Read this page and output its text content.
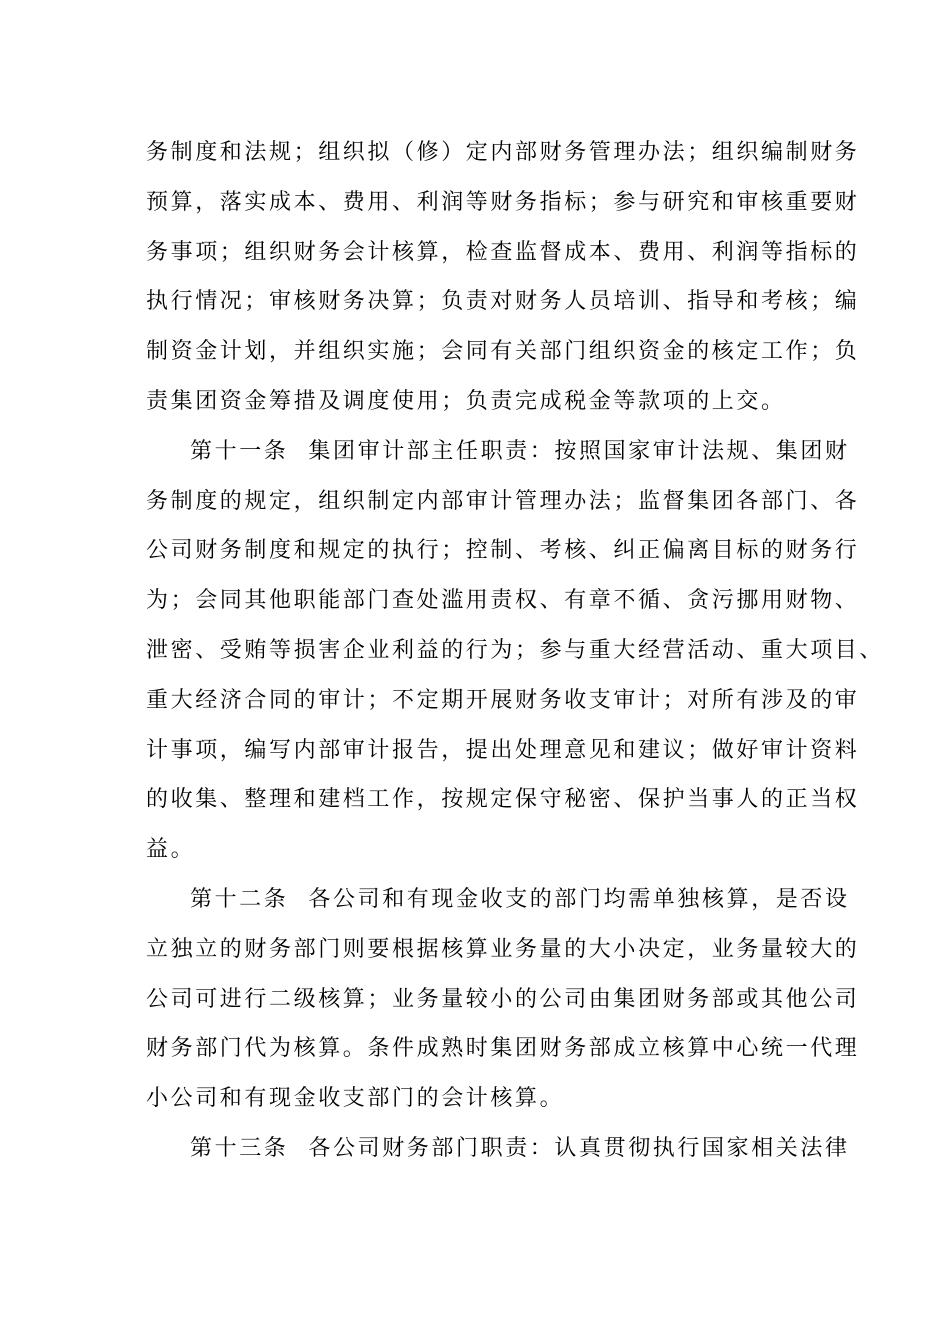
务制度和法规；组织拟（修）定内部财务管理办法；组织编制财务
预算，落实成本、费用、利润等财务指标；参与研究和审核重要财
务事项；组织财务会计核算，检查监督成本、费用、利润等指标的
执行情况；审核财务决算；负责对财务人员培训、指导和考核；编
制资金计划，并组织实施；会同有关部门组织资金的核定工作；负
责集团资金筹措及调度使用；负责完成税金等款项的上交。
第十一条 集团审计部主任职责：按照国家审计法规、集团财
务制度的规定，组织制定内部审计管理办法；监督集团各部门、各
公司财务制度和规定的执行；控制、考核、纠正偏离目标的财务行
为；会同其他职能部门查处滥用责权、有章不循、贪污挪用财物、
泄密、受贿等损害企业利益的行为；参与重大经营活动、重大项目、
重大经济合同的审计；不定期开展财务收支审计；对所有涉及的审
计事项，编写内部审计报告，提出处理意见和建议；做好审计资料
的收集、整理和建档工作，按规定保守秘密、保护当事人的正当权
益。
第十二条 各公司和有现金收支的部门均需单独核算，是否设
立独立的财务部门则要根据核算业务量的大小决定，业务量较大的
公司可进行二级核算；业务量较小的公司由集团财务部或其他公司
财务部门代为核算。条件成熟时集团财务部成立核算中心统一代理
小公司和有现金收支部门的会计核算。
第十三条 各公司财务部门职责：认真贯彻执行国家相关法律
